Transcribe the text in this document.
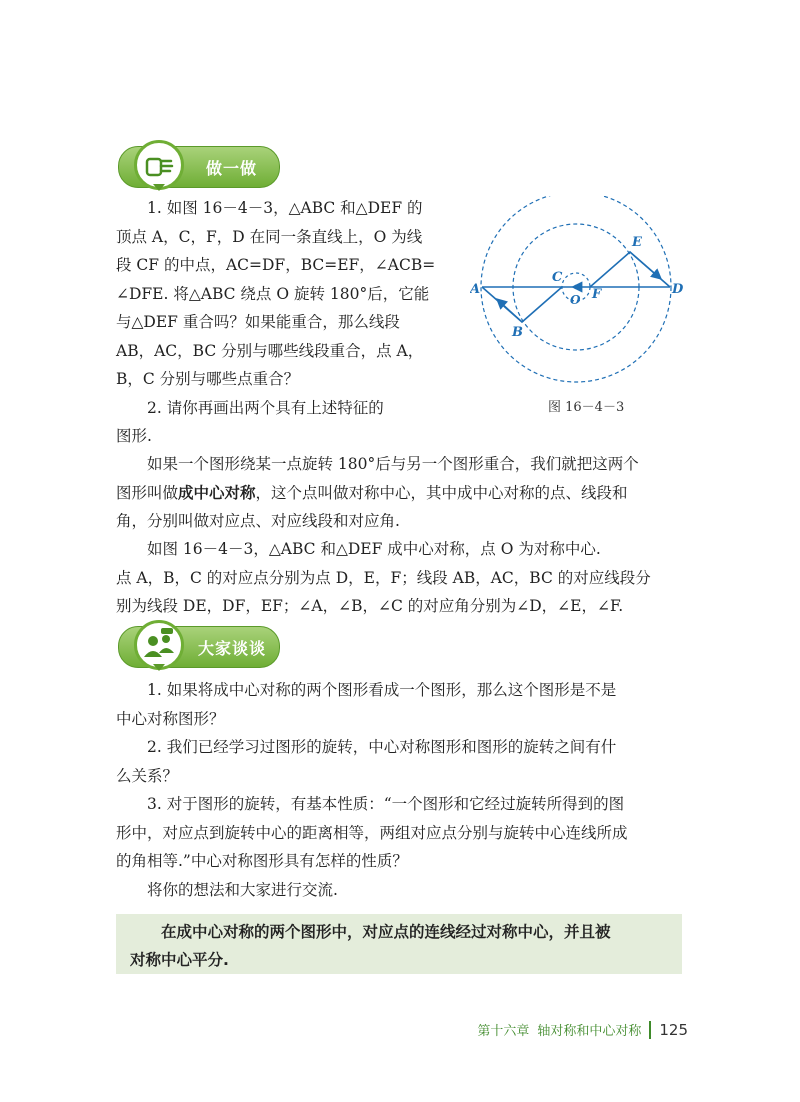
做一做

1. 如图 16－4－3，△ABC 和△DEF 的

顶点 A，C，F，D 在同一条直线上，O 为线

段 CF 的中点，AC=DF，BC=EF，∠ACB=

∠DFE. 将△ABC 绕点 O 旋转 180°后，它能

与△DEF 重合吗？如果能重合，那么线段

AB，AC，BC 分别与哪些线段重合，点 A，

B，C 分别与哪些点重合？

2. 请你再画出两个具有上述特征的

图形.

A
B
C
D
E
F
O
图 16－4－3

如果一个图形绕某一点旋转 180°后与另一个图形重合，我们就把这两个

图形叫做成中心对称，这个点叫做对称中心，其中成中心对称的点、线段和

角，分别叫做对应点、对应线段和对应角.

如图 16－4－3，△ABC 和△DEF 成中心对称，点 O 为对称中心.

点 A，B，C 的对应点分别为点 D，E，F；线段 AB，AC，BC 的对应线段分

别为线段 DE，DF，EF；∠A，∠B，∠C 的对应角分别为∠D，∠E，∠F.

大家谈谈

1. 如果将成中心对称的两个图形看成一个图形，那么这个图形是不是

中心对称图形？

2. 我们已经学习过图形的旋转，中心对称图形和图形的旋转之间有什

么关系？

3. 对于图形的旋转，有基本性质：“一个图形和它经过旋转所得到的图

形中，对应点到旋转中心的距离相等，两组对应点分别与旋转中心连线所成

的角相等.”中心对称图形具有怎样的性质？

将你的想法和大家进行交流.

在成中心对称的两个图形中，对应点的连线经过对称中心，并且被
对称中心平分.
第十六章 轴对称和中心对称 125
